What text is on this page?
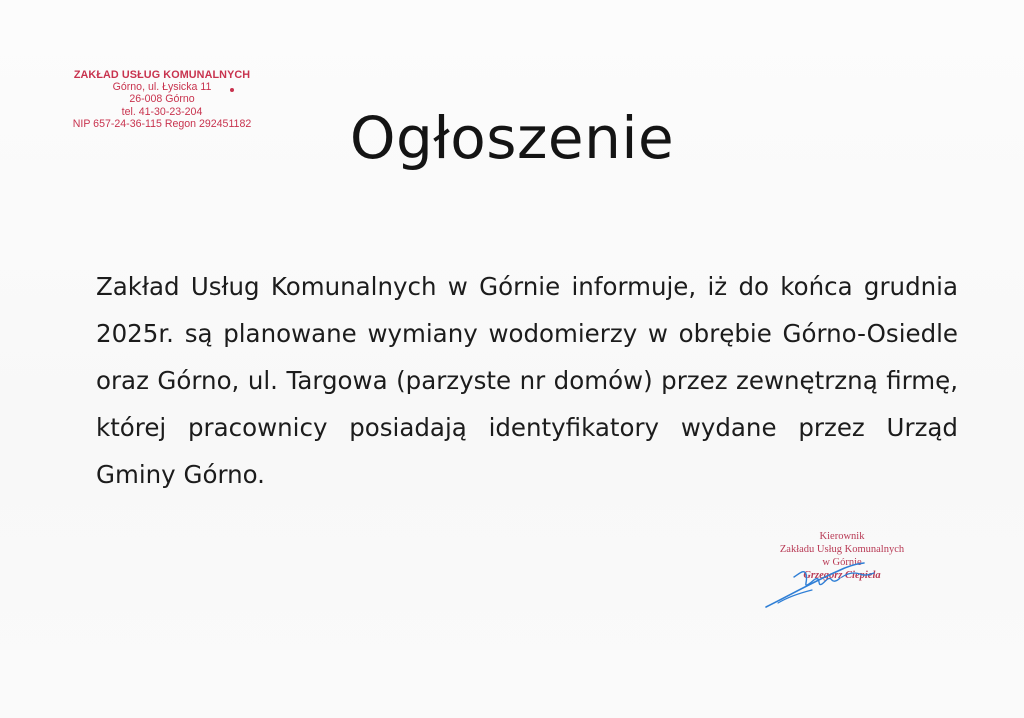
ZAKŁAD USŁUG KOMUNALNYCH
Górno, ul. Łysicka 11
26-008 Górno
tel. 41-30-23-204
NIP 657-24-36-115 Regon 292451182	Ogłoszenie
Zakład Usług Komunalnych w Górnie informuje, iż do końca grudnia 2025r. są planowane wymiany wodomierzy w obrębie Górno-Osiedle oraz Górno, ul. Targowa (parzyste nr domów) przez zewnętrzną firmę, której pracownicy posiadają identyfikatory wydane przez Urząd Gminy Górno.
Kierownik
Zakładu Usług Komunalnych
w Górnie
Grzegorz Ciepiela
